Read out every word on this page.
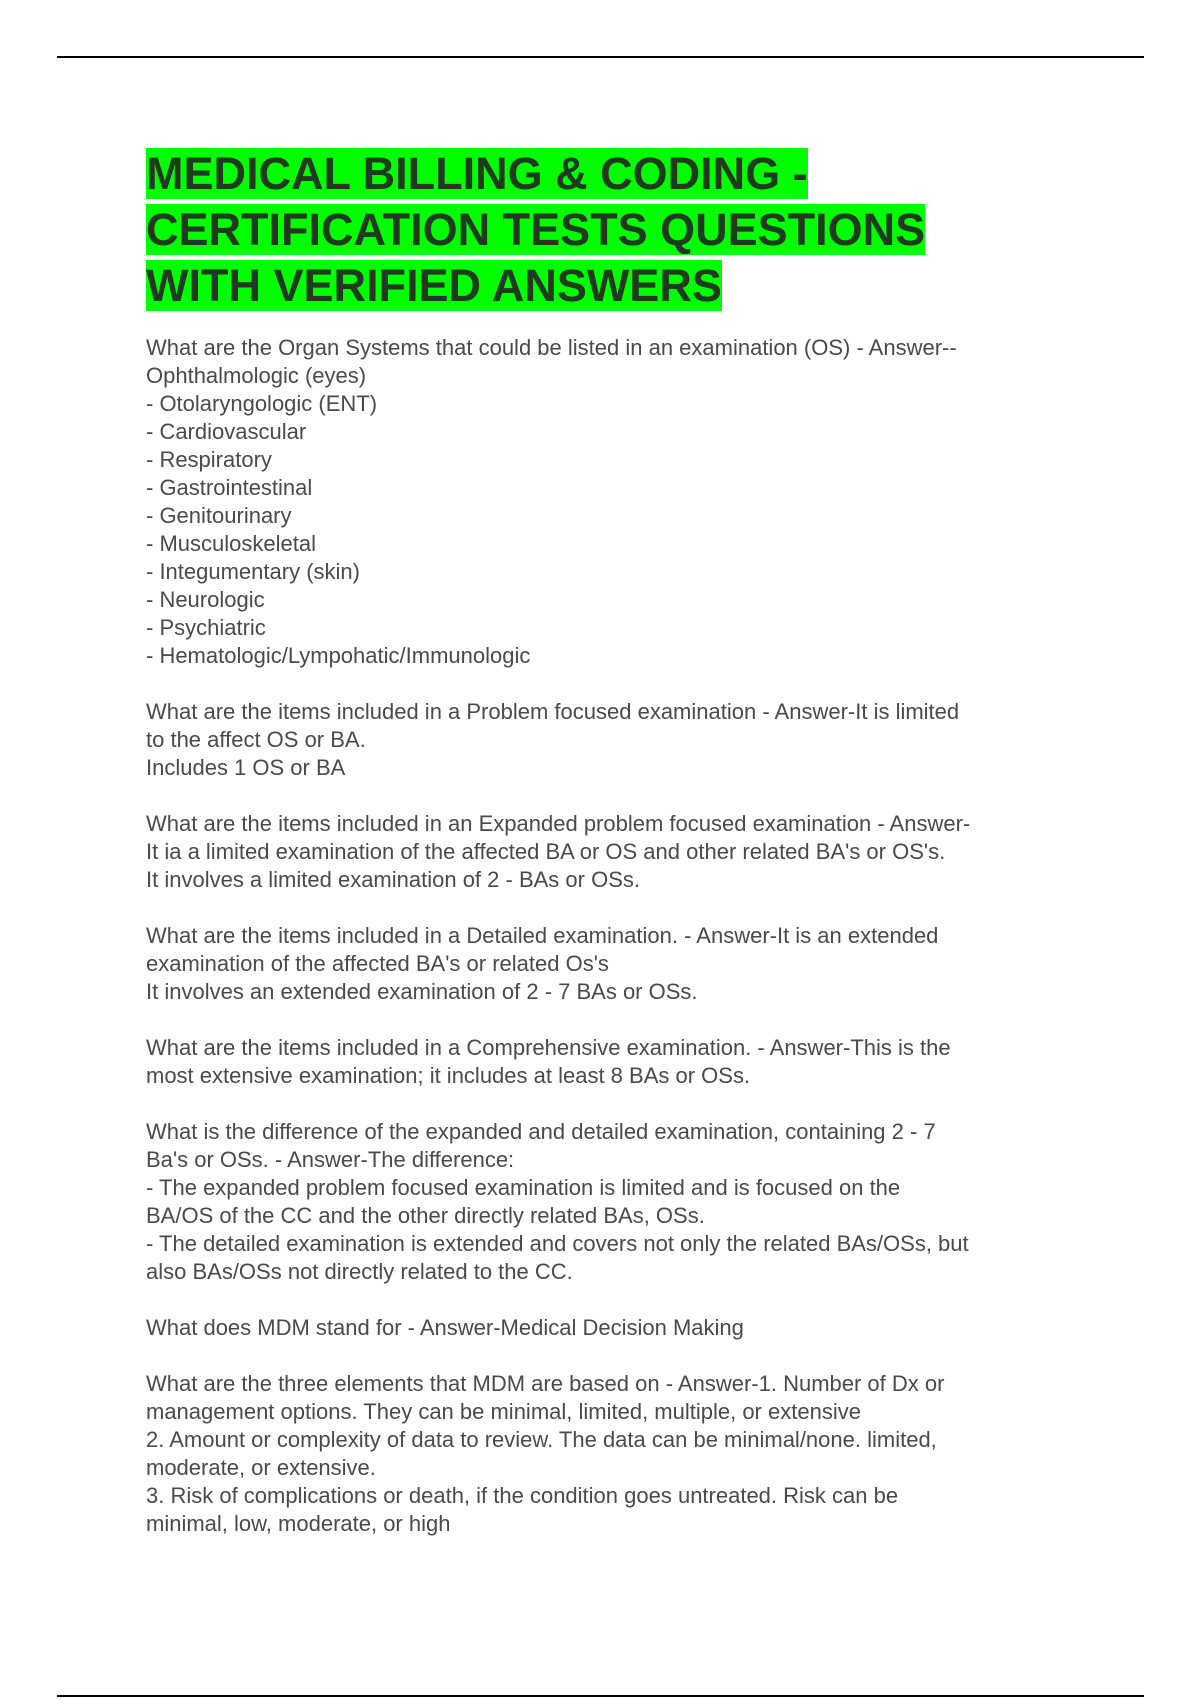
MEDICAL BILLING & CODING -
CERTIFICATION TESTS QUESTIONS
WITH VERIFIED ANSWERS

What are the Organ Systems that could be listed in an examination (OS) - Answer--
Ophthalmologic (eyes)
- Otolaryngologic (ENT)
- Cardiovascular
- Respiratory
- Gastrointestinal
- Genitourinary
- Musculoskeletal
- Integumentary (skin)
- Neurologic
- Psychiatric
- Hematologic/Lympohatic/Immunologic

What are the items included in a Problem focused examination - Answer-It is limited
to the affect OS or BA.
Includes 1 OS or BA

What are the items included in an Expanded problem focused examination - Answer-
It ia a limited examination of the affected BA or OS and other related BA's or OS's.
It involves a limited examination of 2 - BAs or OSs.

What are the items included in a Detailed examination. - Answer-It is an extended
examination of the affected BA's or related Os's
It involves an extended examination of 2 - 7 BAs or OSs.

What are the items included in a Comprehensive examination. - Answer-This is the
most extensive examination; it includes at least 8 BAs or OSs.

What is the difference of the expanded and detailed examination, containing 2 - 7
Ba's or OSs. - Answer-The difference:
- The expanded problem focused examination is limited and is focused on the
BA/OS of the CC and the other directly related BAs, OSs.
- The detailed examination is extended and covers not only the related BAs/OSs, but
also BAs/OSs not directly related to the CC.

What does MDM stand for - Answer-Medical Decision Making

What are the three elements that MDM are based on - Answer-1. Number of Dx or
management options. They can be minimal, limited, multiple, or extensive
2. Amount or complexity of data to review. The data can be minimal/none. limited,
moderate, or extensive.
3. Risk of complications or death, if the condition goes untreated. Risk can be
minimal, low, moderate, or high
